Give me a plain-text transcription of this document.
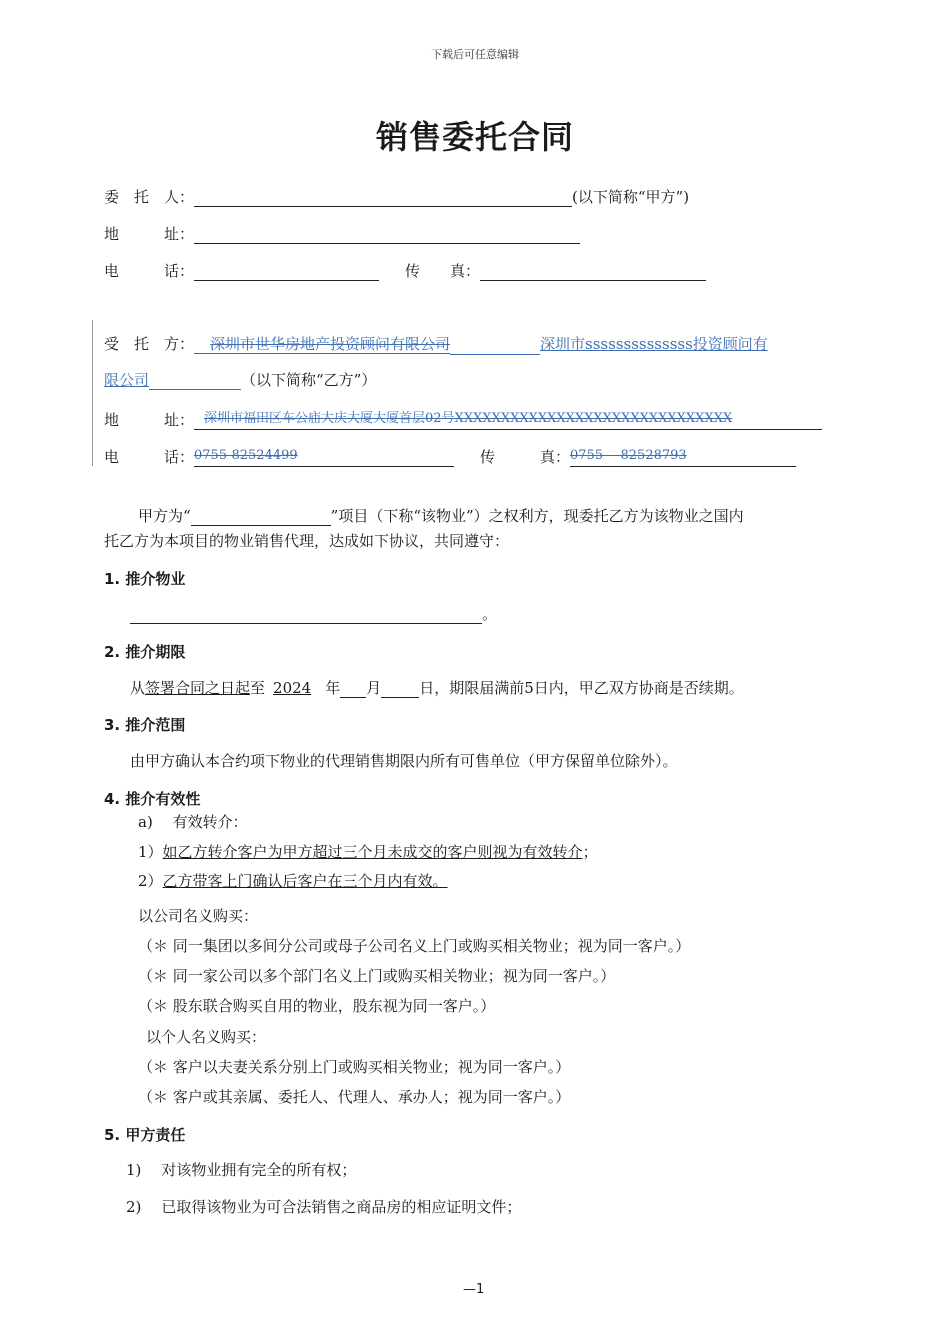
下载后可任意编辑
销售委托合同
委　托　人：	(以下简称“甲方”)
地　　　址：
电　　　话：	传　　真：
受　托　方： 深圳市世华房地产投资顾问有限公司	深圳市ssssssssssssss投资顾问有
限公司	（以下简称“乙方”）
地　　　址： 深圳市福田区车公庙大庆大厦大厦首层02号XXXXXXXXXXXXXXXXXXXXXXXXXXXXXX
电　　　话：0755-82524499	传　　　真：0755-　82528793
甲方为“	”项目（下称“该物业”）之权利方，现委托乙方为该物业之国内
托乙方为本项目的物业销售代理，达成如下协议，共同遵守：
1. 推介物业
。
2. 推介期限
从签署合同之日起至 2024 年 月	日，期限届满前5日内，甲乙双方协商是否续期。
3. 推介范围
由甲方确认本合约项下物业的代理销售期限内所有可售单位（甲方保留单位除外）。
4. 推介有效性
a)　 有效转介：
1）如乙方转介客户为甲方超过三个月未成交的客户则视为有效转介；
2）乙方带客上门确认后客户在三个月内有效。
以公司名义购买：
（＊ 同一集团以多间分公司或母子公司名义上门或购买相关物业；视为同一客户。）
（＊ 同一家公司以多个部门名义上门或购买相关物业；视为同一客户。）
（＊ 股东联合购买自用的物业，股东视为同一客户。）
以个人名义购买：
（＊ 客户以夫妻关系分别上门或购买相关物业；视为同一客户。）
（＊ 客户或其亲属、委托人、代理人、承办人；视为同一客户。）
5. 甲方责任
1) 对该物业拥有完全的所有权；
2) 已取得该物业为可合法销售之商品房的相应证明文件；
—1
